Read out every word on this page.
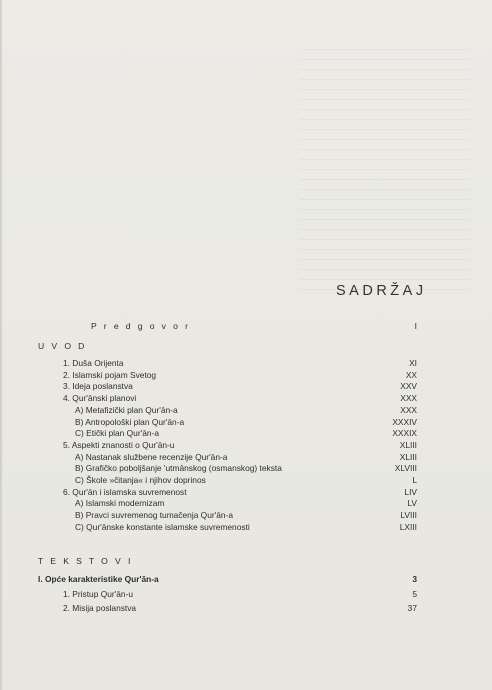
SADRŽAJ
P r e d g o v o r	I
U V O D
1. Duša Orijenta	XI
2. Islamski pojam Svetog	XX
3. Ideja poslanstva	XXV
4. Qur'ānski planovi	XXX
A) Metafizički plan Qur'ān-a	XXX
B) Antropološki plan Qur'ān-a	XXXIV
C) Etički plan Qur'ān-a	XXXIX
5. Aspekti znanosti o Qur'ān-u	XLIII
A) Nastanak službene recenzije Qur'ān-a	XLIII
B) Grafičko poboljšanje 'utmānskog (osmanskog) teksta	XLVIII
C) Škole »čitanja« i njihov doprinos	L
6. Qur'ān i islamska suvremenost	LIV
A) Islamski modernizam	LV
B) Pravci suvremenog tumačenja Qur'ān-a	LVIII
C) Qur'ānske konstante islamske suvremenosti	LXIII
T E K S T O V I
I. Opće karakteristike Qur'ān-a	3
1. Pristup Qur'ān-u	5
2. Misija poslanstva	37
